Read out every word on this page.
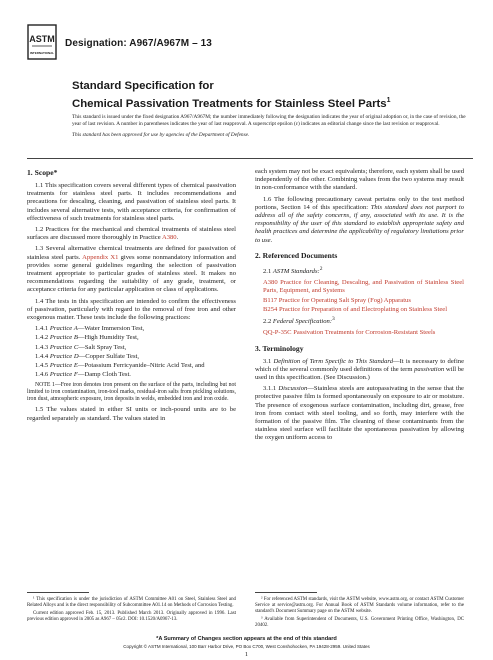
ASTM
INTERNATIONAL
Designation: A967/A967M – 13
Standard Specification for
Chemical Passivation Treatments for Stainless Steel Parts$^1$

This standard is issued under the fixed designation A967/A967M; the number immediately following the designation indicates the year of original adoption or, in the case of revision, the year of last revision. A number in parentheses indicates the year of last reapproval. A superscript epsilon (ε) indicates an editorial change since the last revision or reapproval.

This standard has been approved for use by agencies of the Department of Defense.

1. Scope*

1.1 This specification covers several different types of chemical passivation treatments for stainless steel parts. It includes recommendations and precautions for descaling, cleaning, and passivation of stainless steel parts. It includes several alternative tests, with acceptance criteria, for confirmation of effectiveness of such treatments for stainless steel parts.

1.2 Practices for the mechanical and chemical treatments of stainless steel surfaces are discussed more thoroughly in Practice A380.

1.3 Several alternative chemical treatments are defined for passivation of stainless steel parts. Appendix X1 gives some nonmandatory information and provides some general guidelines regarding the selection of passivation treatment appropriate to particular grades of stainless steel. It makes no recommendations regarding the suitability of any grade, treatment, or acceptance criteria for any particular application or class of applications.

1.4 The tests in this specification are intended to confirm the effectiveness of passivation, particularly with regard to the removal of free iron and other exogenous matter. These tests include the following practices:

1.4.1 Practice A—Water Immersion Test,
1.4.2 Practice B—High Humidity Test,
1.4.3 Practice C—Salt Spray Test,
1.4.4 Practice D—Copper Sulfate Test,
1.4.5 Practice E—Potassium Ferricyanide–Nitric Acid Test, and
1.4.6 Practice F—Damp Cloth Test.

NOTE 1—Free iron denotes iron present on the surface of the parts, including but not limited to iron contamination, iron-tool marks, residual-iron salts from pickling solutions, iron dust, atmospheric exposure, iron deposits in welds, embedded iron and iron oxide.

1.5 The values stated in either SI units or inch-pound units are to be regarded separately as standard. The values stated in

each system may not be exact equivalents; therefore, each system shall be used independently of the other. Combining values from the two systems may result in non-conformance with the standard.

1.6 The following precautionary caveat pertains only to the test method portions, Section 14 of this specification: This standard does not purport to address all of the safety concerns, if any, associated with its use. It is the responsibility of the user of this standard to establish appropriate safety and health practices and determine the applicability of regulatory limitations prior to use.

2. Referenced Documents

2.1 ASTM Standards:$^2$

A380 Practice for Cleaning, Descaling, and Passivation of Stainless Steel Parts, Equipment, and Systems
B117 Practice for Operating Salt Spray (Fog) Apparatus
B254 Practice for Preparation of and Electroplating on Stainless Steel

2.2 Federal Specification:$^3$

QQ-P-35C Passivation Treatments for Corrosion-Resistant Steels
3. Terminology

3.1 Definition of Term Specific to This Standard—It is necessary to define which of the several commonly used definitions of the term passivation will be used in this specification. (See Discussion.)

3.1.1 Discussion—Stainless steels are autopassivating in the sense that the protective passive film is formed spontaneously on exposure to air or moisture. The presence of exogenous surface contamination, including dirt, grease, free iron from contact with steel tooling, and so forth, may interfere with the formation of the passive film. The cleaning of these contaminants from the stainless steel surface will facilitate the spontaneous passivation by allowing the oxygen uniform access to

¹ This specification is under the jurisdiction of ASTM Committee A01 on Steel, Stainless Steel and Related Alloys and is the direct responsibility of Subcommittee A01.14 on Methods of Corrosion Testing.

Current edition approved Feb. 15, 2013. Published March 2013. Originally approved in 1996. Last previous edition approved in 2005 as A967 – 05ε2. DOI: 10.1520/A0967-13.

² For referenced ASTM standards, visit the ASTM website, www.astm.org, or contact ASTM Customer Service at service@astm.org. For Annual Book of ASTM Standards volume information, refer to the standard's Document Summary page on the ASTM website.

³ Available from Superintendent of Documents, U.S. Government Printing Office, Washington, DC 20402.

*A Summary of Changes section appears at the end of this standard
Copyright © ASTM International, 100 Barr Harbor Drive, PO Box C700, West Conshohocken, PA 19428-2959. United States
1
